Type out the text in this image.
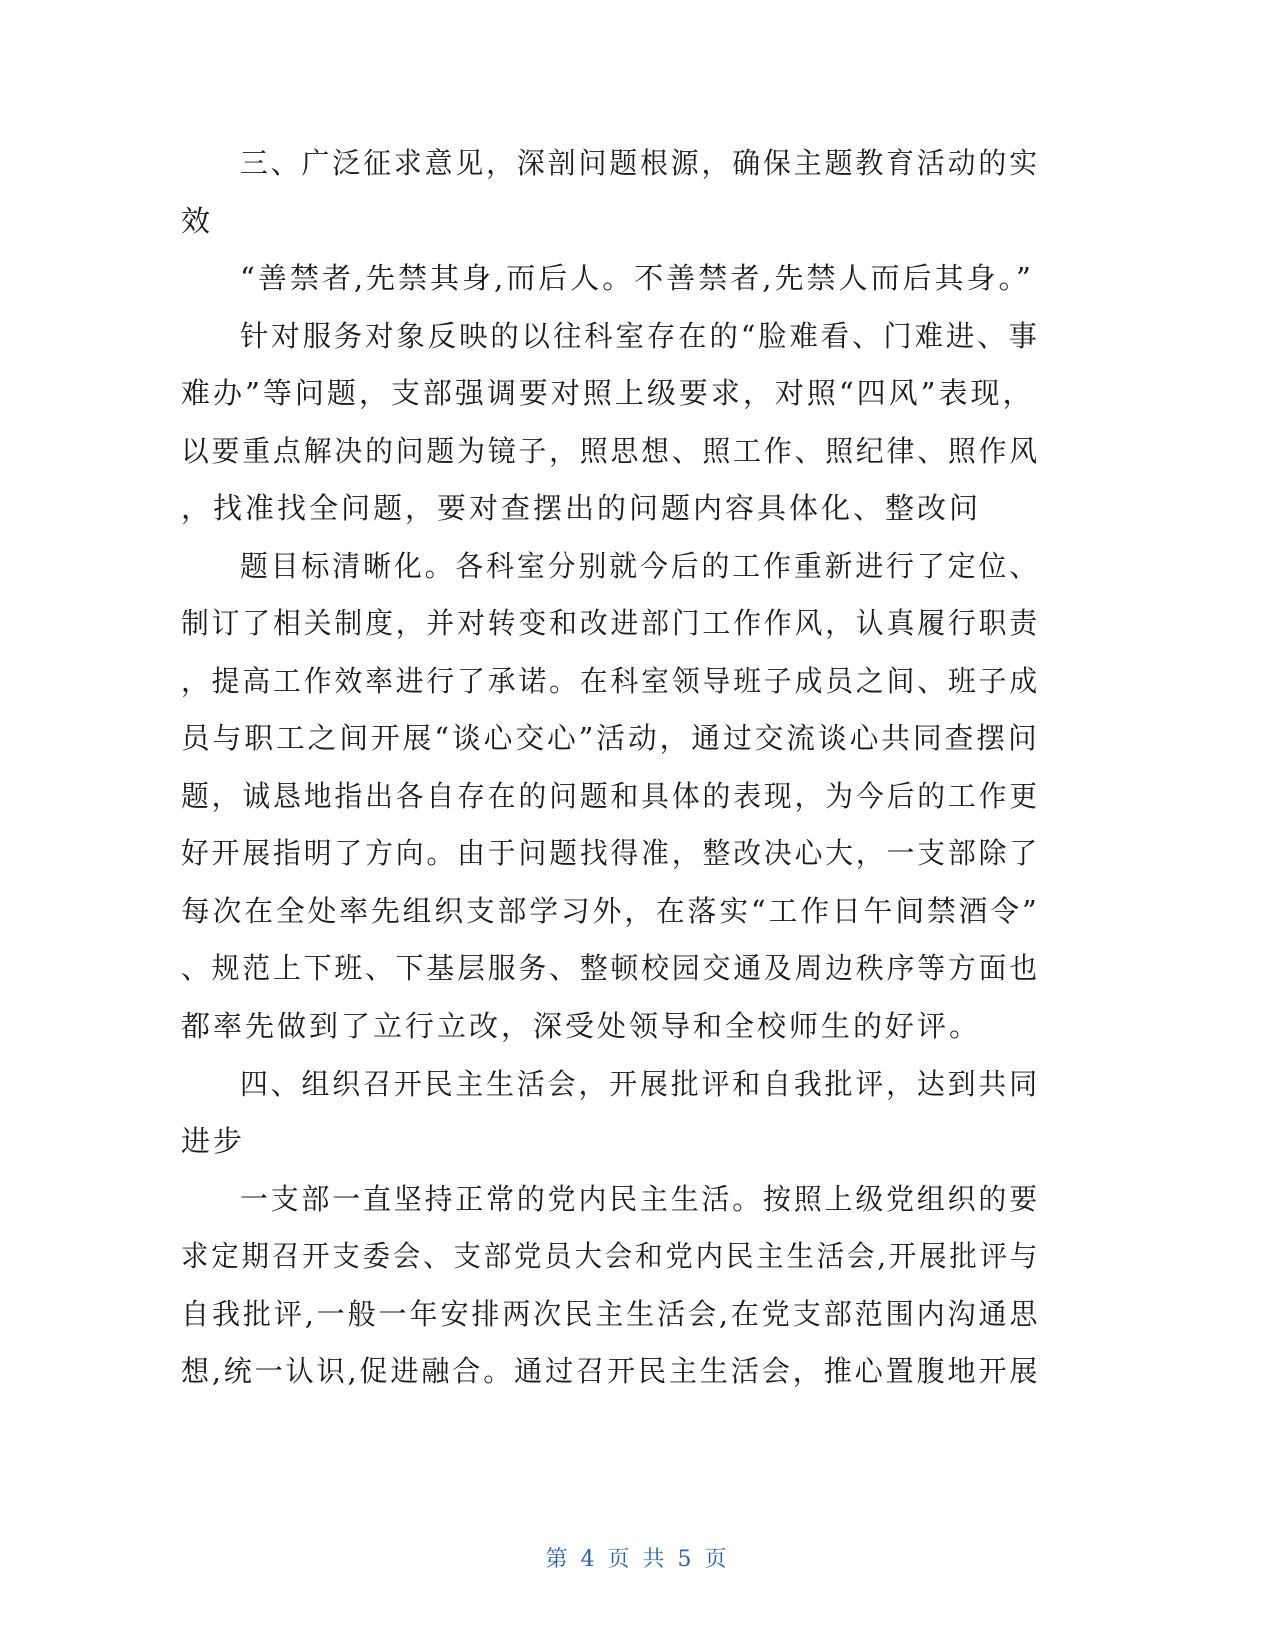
三、广泛征求意见，深剖问题根源，确保主题教育活动的实
效
“善禁者,先禁其身,而后人。不善禁者,先禁人而后其身。”
针对服务对象反映的以往科室存在的“脸难看、门难进、事
难办”等问题，支部强调要对照上级要求，对照“四风”表现，
以要重点解决的问题为镜子，照思想、照工作、照纪律、照作风
，找准找全问题，要对查摆出的问题内容具体化、整改问
题目标清晰化。各科室分别就今后的工作重新进行了定位、
制订了相关制度，并对转变和改进部门工作作风，认真履行职责
，提高工作效率进行了承诺。在科室领导班子成员之间、班子成
员与职工之间开展“谈心交心”活动，通过交流谈心共同查摆问
题，诚恳地指出各自存在的问题和具体的表现，为今后的工作更
好开展指明了方向。由于问题找得准，整改决心大，一支部除了
每次在全处率先组织支部学习外，在落实“工作日午间禁酒令”
、规范上下班、下基层服务、整顿校园交通及周边秩序等方面也
都率先做到了立行立改，深受处领导和全校师生的好评。
四、组织召开民主生活会，开展批评和自我批评，达到共同
进步
一支部一直坚持正常的党内民主生活。按照上级党组织的要
求定期召开支委会、支部党员大会和党内民主生活会,开展批评与
自我批评,一般一年安排两次民主生活会,在党支部范围内沟通思
想,统一认识,促进融合。通过召开民主生活会，推心置腹地开展
第 4 页 共 5 页
